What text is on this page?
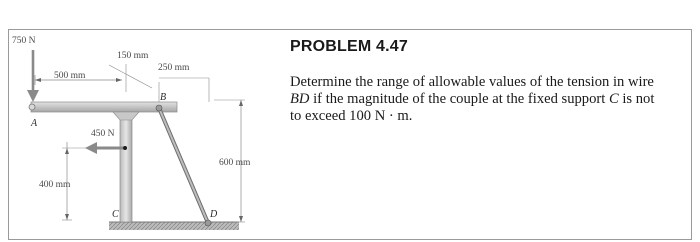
750 N
500 mm
150 mm
250 mm
450 N
400 mm
600 mm
A
B
C	D
PROBLEM 4.47

Determine the range of allowable values of the tension in wire
BD if the magnitude of the couple at the fixed support C is not
to exceed 100 N · m.
